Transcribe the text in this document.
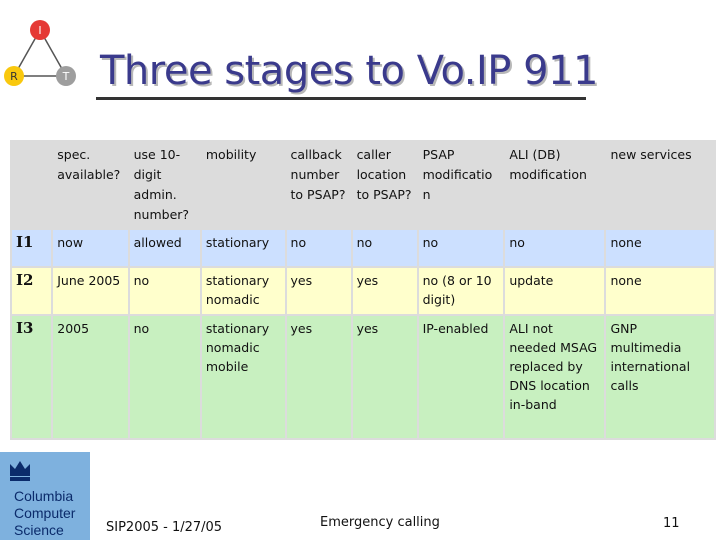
I
R	T Three stages to Vo.IP 911
	spec. available?	use 10-digit admin. number?	mobility	callback number to PSAP?	caller location to PSAP?	PSAP modification	ALI (DB) modification	new services
I1	now	allowed	stationary	no	no	no	no	none
I2	June 2005	no	stationary nomadic	yes	yes	no (8 or 10 digit)	update	none
I3	2005	no	stationary nomadic mobile	yes	yes	IP-enabled	ALI not needed MSAG replaced by DNS location in-band	GNP multimedia international calls
Columbia
Computer
Science	SIP2005 - 1/27/05	Emergency calling	11
